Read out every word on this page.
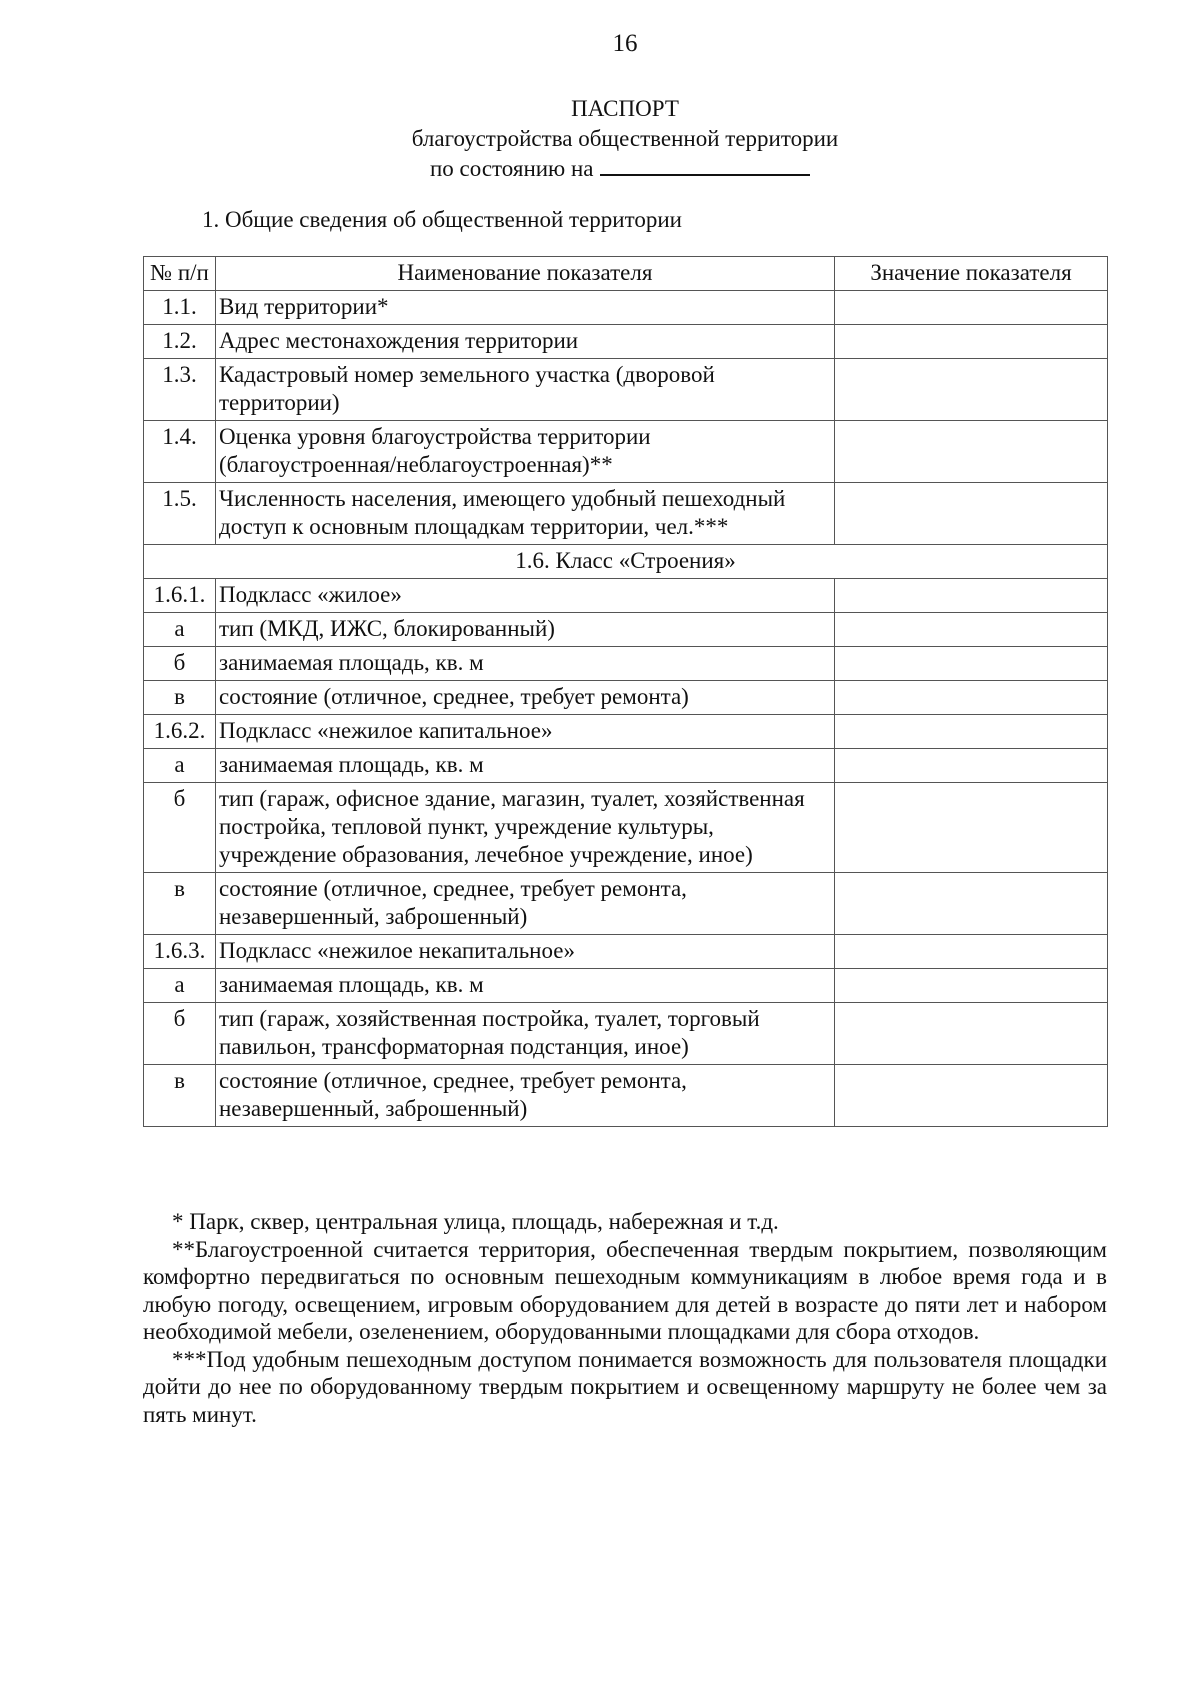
16
ПАСПОРТ
благоустройства общественной территории
по состоянию на
1. Общие сведения об общественной территории
№ п/п	Наименование показателя	Значение показателя
1.1.	Вид территории*	
1.2.	Адрес местонахождения территории	
1.3.	Кадастровый номер земельного участка (дворовой территории)	
1.4.	Оценка уровня благоустройства территории (благоустроенная/неблагоустроенная)**	
1.5.	Численность населения, имеющего удобный пешеходный доступ к основным площадкам территории, чел.***	
1.6. Класс «Строения»		
1.6.1.	Подкласс «жилое»	
а	тип (МКД, ИЖС, блокированный)	
б	занимаемая площадь, кв. м	
в	состояние (отличное, среднее, требует ремонта)	
1.6.2.	Подкласс «нежилое капитальное»	
а	занимаемая площадь, кв. м	
б	тип (гараж, офисное здание, магазин, туалет, хозяйственная постройка, тепловой пункт, учреждение культуры, учреждение образования, лечебное учреждение, иное)	
в	состояние (отличное, среднее, требует ремонта, незавершенный, заброшенный)	
1.6.3.	Подкласс «нежилое некапитальное»	
а	занимаемая площадь, кв. м	
б	тип (гараж, хозяйственная постройка, туалет, торговый павильон, трансформаторная подстанция, иное)	
в	состояние (отличное, среднее, требует ремонта, незавершенный, заброшенный)	

* Парк, сквер, центральная улица, площадь, набережная и т.д.

**Благоустроенной считается территория, обеспеченная твердым покрытием, позволяющим комфортно передвигаться по основным пешеходным коммуникациям в любое время года и в любую погоду, освещением, игровым оборудованием для детей в возрасте до пяти лет и набором необходимой мебели, озеленением, оборудованными площадками для сбора отходов.

***Под удобным пешеходным доступом понимается возможность для пользователя площадки дойти до нее по оборудованному твердым покрытием и освещенному маршруту не более чем за пять минут.
